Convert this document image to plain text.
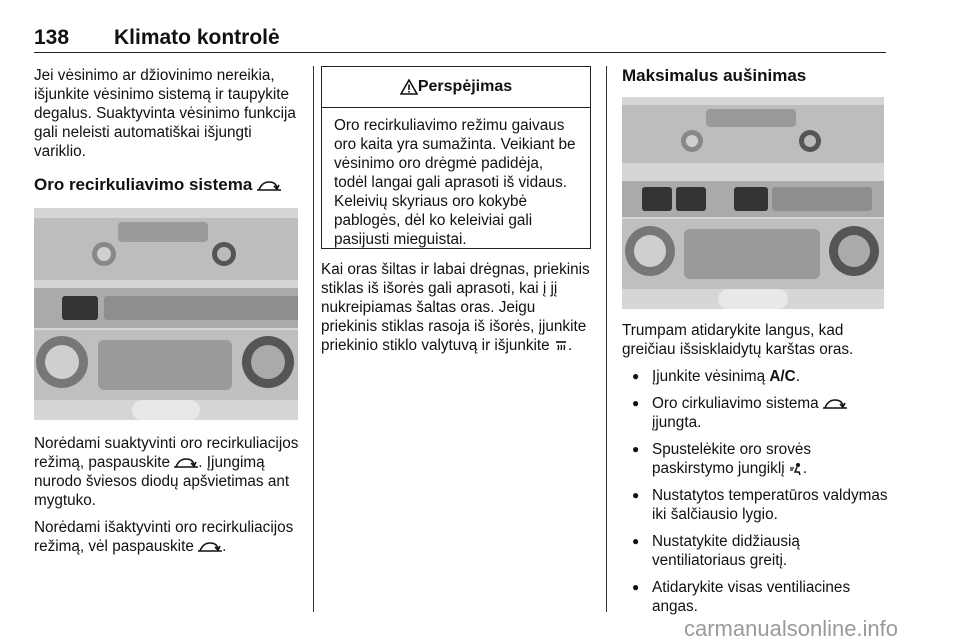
138 Klimato kontrolė

Jei vėsinimo ar džiovinimo nereikia, išjunkite vėsinimo sistemą ir taupykite degalus. Suaktyvinta vėsinimo funkcija gali neleisti automatiškai išjungti variklio.

Oro recirkuliavimo sistema

Norėdami suaktyvinti oro recirkuliacijos režimą, paspauskite . Įjungimą nurodo šviesos diodų apšvietimas ant mygtuko.

Norėdami išaktyvinti oro recirkuliacijos režimą, vėl paspauskite .

Perspėjimas
Oro recirkuliavimo režimu gaivaus oro kaita yra sumažinta. Veikiant be vėsinimo oro drėgmė padidėja, todėl langai gali aprasoti iš vidaus. Keleivių skyriaus oro kokybė pablogės, dėl ko keleiviai gali pasijusti mieguistai.

Kai oras šiltas ir labai drėgnas, priekinis stiklas iš išorės gali aprasoti, kai į jį nukreipiamas šaltas oras. Jeigu priekinis stiklas rasoja iš išorės, įjunkite priekinio stiklo valytuvą ir išjunkite .

Maksimalus aušinimas

Trumpam atidarykite langus, kad greičiau išsisklaidytų karštas oras.

● Įjunkite vėsinimą A/C.
● Oro cirkuliavimo sistema  įjungta.
● Spustelėkite oro srovės paskirstymo jungiklį .
● Nustatytos temperatūros valdymas iki šalčiausio lygio.
● Nustatykite didžiausią ventiliatoriaus greitį.
● Atidarykite visas ventiliacines angas.
carmanualsonline.info
